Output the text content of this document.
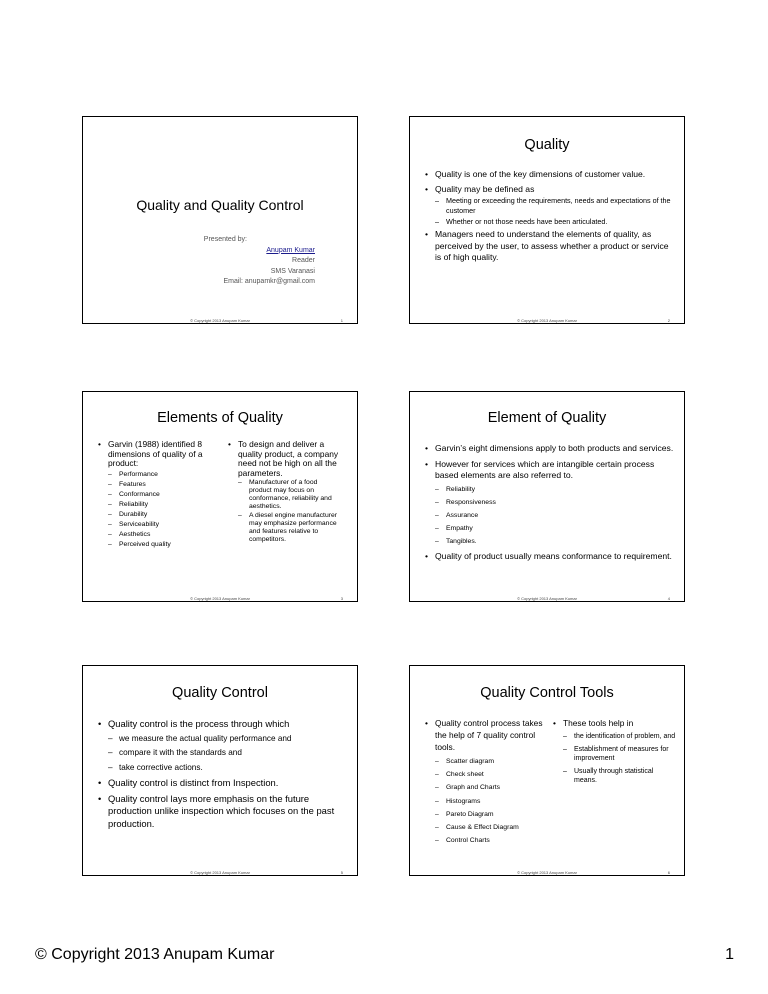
Quality and Quality Control
Presented by:
Anupam Kumar
Reader
SMS Varanasi
Email: anupamkr@gmail.com
© Copyright 2013 Anupam Kumar	1
Quality
• Quality is one of the key dimensions of customer value.
• Quality may be defined as
– Meeting or exceeding the requirements, needs and expectations of the customer
– Whether or not those needs have been articulated.
• Managers need to understand the elements of quality, as perceived by the user, to assess whether a product or service is of high quality.
© Copyright 2013 Anupam Kumar	2
Elements of Quality
• Garvin (1988) identified 8 dimensions of quality of a product:
– Performance
– Features
– Conformance
– Reliability
– Durability
– Serviceability
– Aesthetics
– Perceived quality
• To design and deliver a quality product, a company need not be high on all the parameters.
– Manufacturer of a food product may focus on conformance, reliability and aesthetics.
– A diesel engine manufacturer may emphasize performance and features relative to competitors.
© Copyright 2013 Anupam Kumar	3
Element of Quality
• Garvin’s eight dimensions apply to both products and services.
• However for services which are intangible certain process based elements are also referred to.
– Reliability
– Responsiveness
– Assurance
– Empathy
– Tangibles.
• Quality of product usually means conformance to requirement.
© Copyright 2013 Anupam Kumar	4
Quality Control
• Quality control is the process through which
– we measure the actual quality performance and
– compare it with the standards and
– take corrective actions.
• Quality control is distinct from Inspection.
• Quality control lays more emphasis on the future production unlike inspection which focuses on the past production.
© Copyright 2013 Anupam Kumar	5
Quality Control Tools
• Quality control process takes the help of 7 quality control tools.
– Scatter diagram
– Check sheet
– Graph and Charts
– Histograms
– Pareto Diagram
– Cause & Effect Diagram
– Control Charts
• These tools help in
– the identification of problem, and
– Establishment of measures for improvement
– Usually through statistical means.
© Copyright 2013 Anupam Kumar	6
© Copyright 2013 Anupam Kumar	1
